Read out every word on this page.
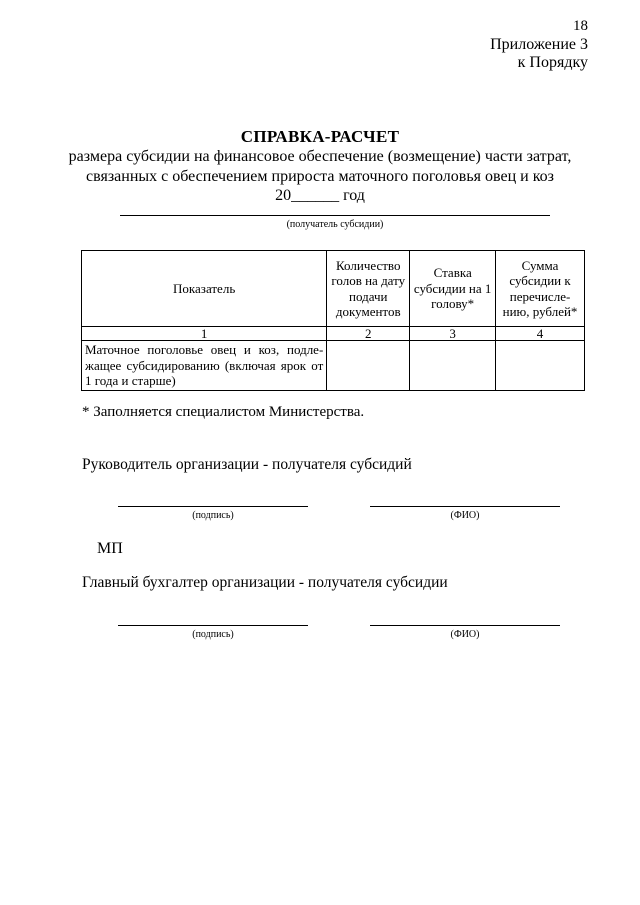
18
Приложение 3
к Порядку
СПРАВКА-РАСЧЕТ
размера субсидии на финансовое обеспечение (возмещение) части затрат,
связанных с обеспечением прироста маточного поголовья овец и коз
20______ год
(получатель субсидии)
Показатель	Количество голов на дату подачи документов	Ставка субсидии на 1 голову*	Сумма субсидии к перечисле-нию, рублей*
1	2	3	4
Маточное поголовье овец и коз, подле-жащее субсидированию (включая ярок от 1 года и старше)			
* Заполняется специалистом Министерства.
Руководитель организации - получателя субсидий
(подпись)	(ФИО)
МП
Главный бухгалтер организации - получателя субсидии
(подпись)	(ФИО)
